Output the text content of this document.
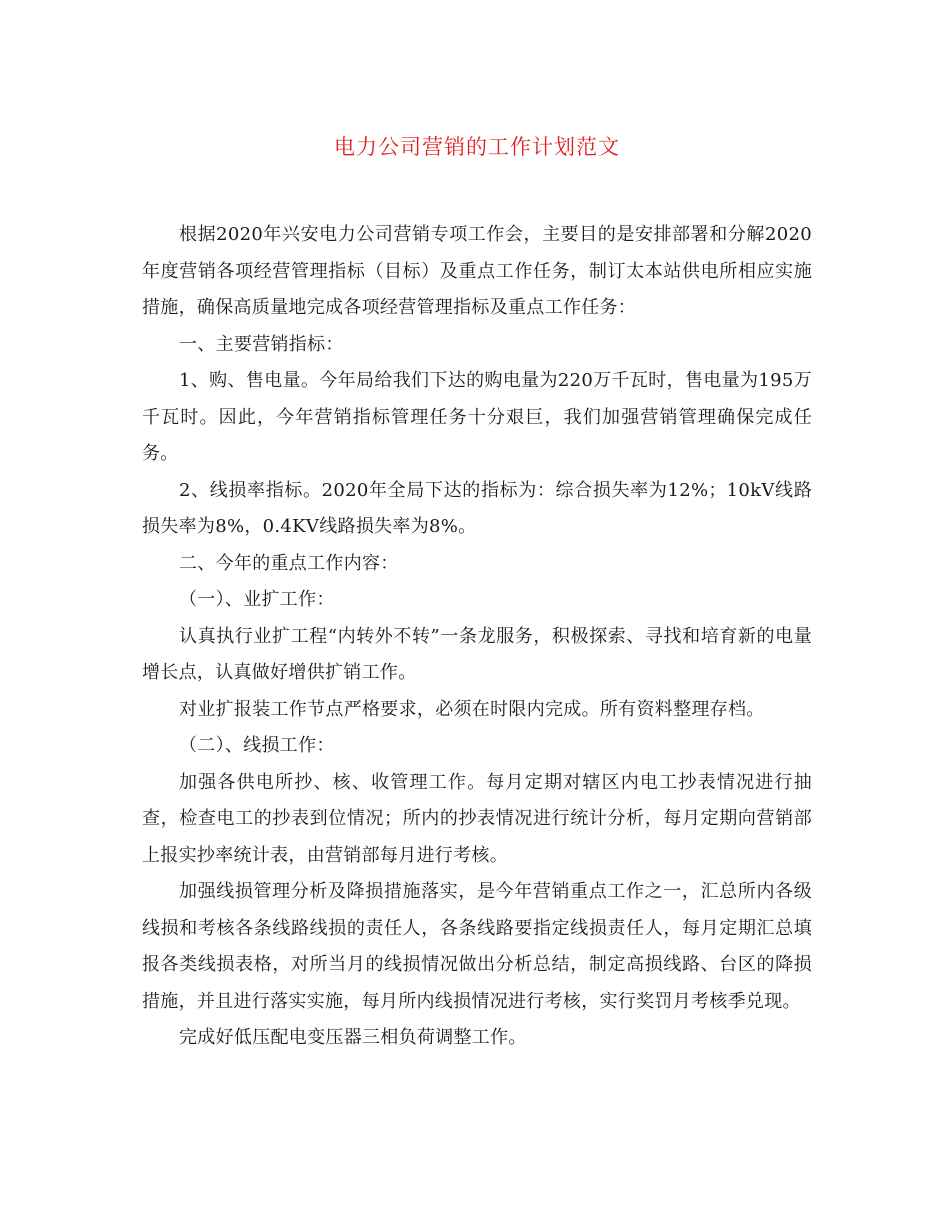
电力公司营销的工作计划范文

根据2020年兴安电力公司营销专项工作会，主要目的是安排部署和分解2020年度营销各项经营管理指标（目标）及重点工作任务，制订太本站供电所相应实施措施，确保高质量地完成各项经营管理指标及重点工作任务：

一、主要营销指标：

1、购、售电量。今年局给我们下达的购电量为220万千瓦时，售电量为195万千瓦时。因此，今年营销指标管理任务十分艰巨，我们加强营销管理确保完成任务。

2、线损率指标。2020年全局下达的指标为：综合损失率为12%；10kV线路损失率为8%，0.4KV线路损失率为8%。

二、今年的重点工作内容：

（一）、业扩工作：

认真执行业扩工程“内转外不转”一条龙服务，积极探索、寻找和培育新的电量增长点，认真做好增供扩销工作。

对业扩报装工作节点严格要求，必须在时限内完成。所有资料整理存档。

（二）、线损工作：

加强各供电所抄、核、收管理工作。每月定期对辖区内电工抄表情况进行抽查，检查电工的抄表到位情况；所内的抄表情况进行统计分析，每月定期向营销部上报实抄率统计表，由营销部每月进行考核。

加强线损管理分析及降损措施落实，是今年营销重点工作之一，汇总所内各级线损和考核各条线路线损的责任人，各条线路要指定线损责任人，每月定期汇总填报各类线损表格，对所当月的线损情况做出分析总结，制定高损线路、台区的降损措施，并且进行落实实施，每月所内线损情况进行考核，实行奖罚月考核季兑现。

完成好低压配电变压器三相负荷调整工作。
